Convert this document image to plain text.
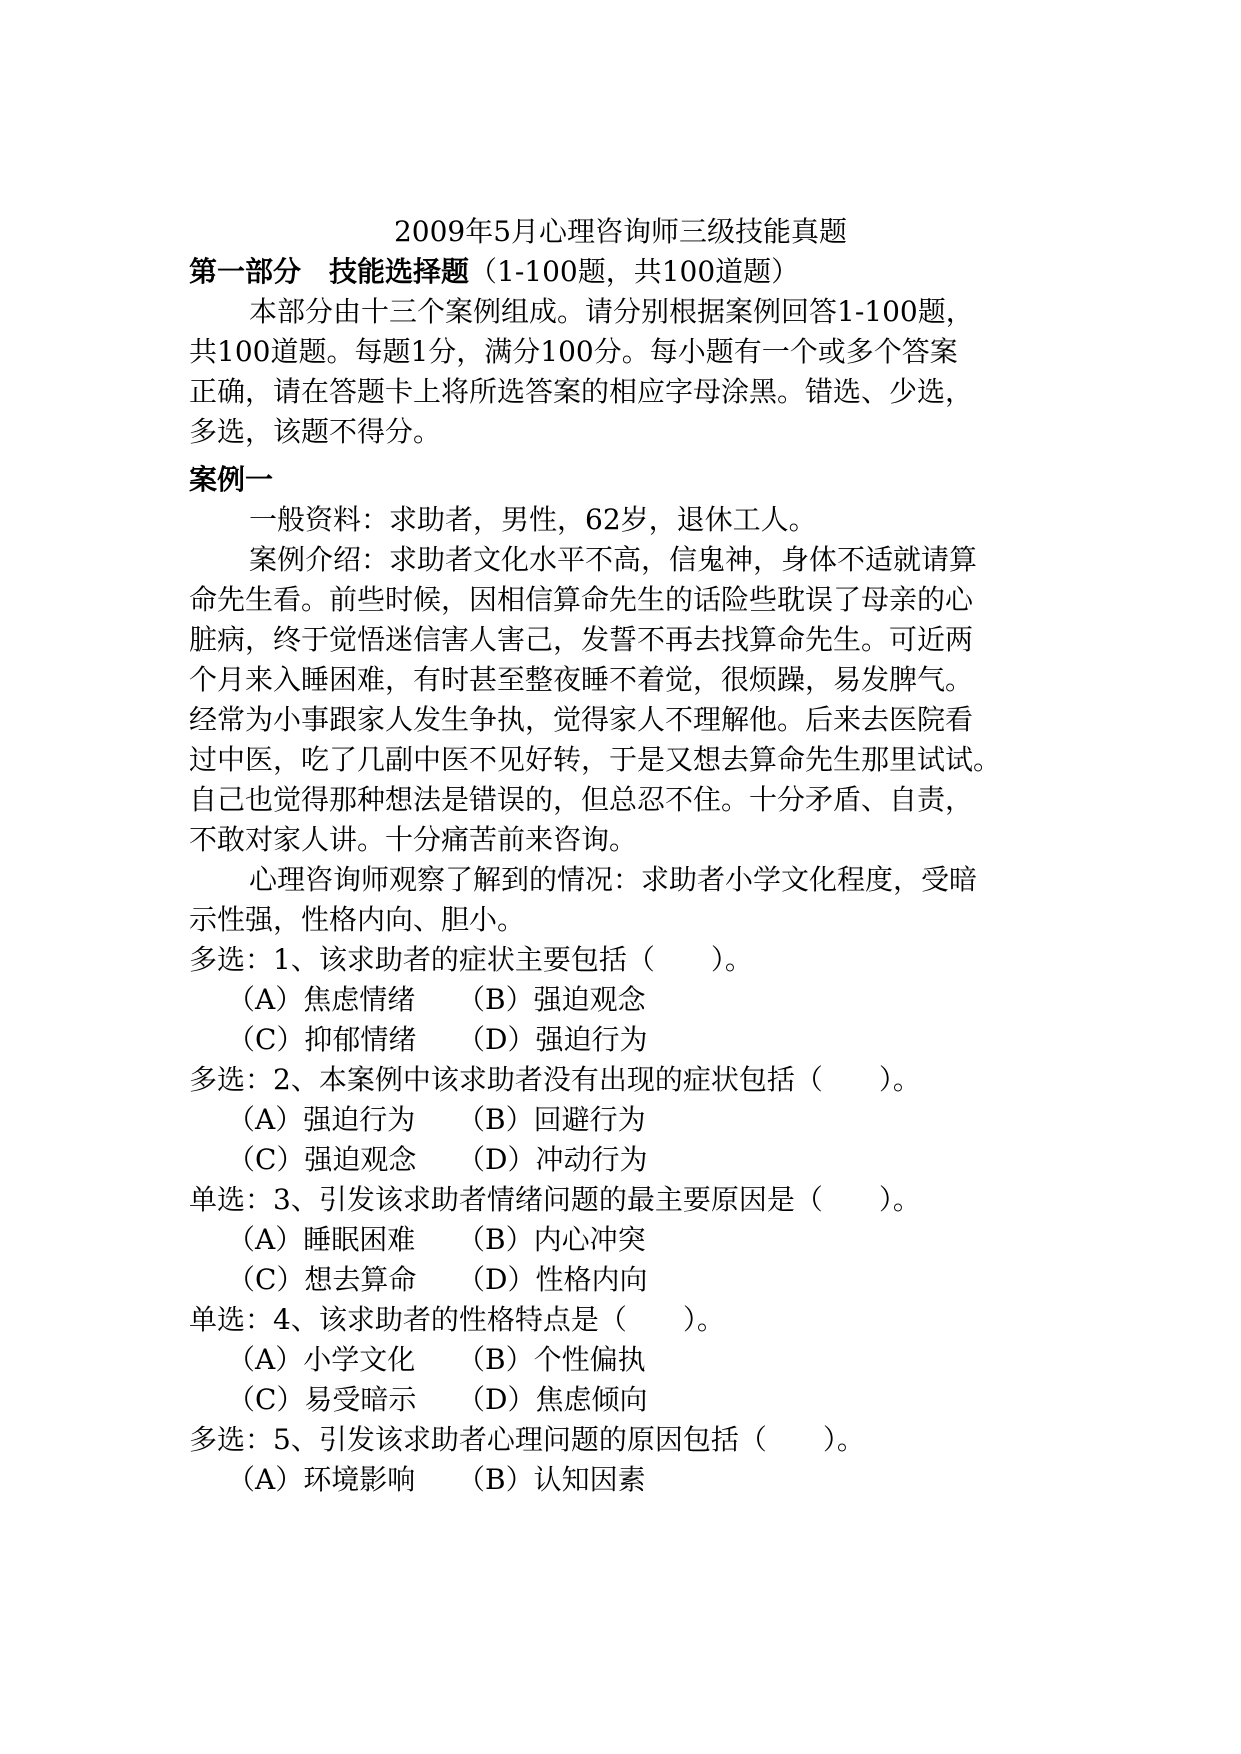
2009年5月心理咨询师三级技能真题
第一部分　技能选择题（1-100题，共100道题）
本部分由十三个案例组成。请分别根据案例回答1-100题，
共100道题。每题1分，满分100分。每小题有一个或多个答案
正确，请在答题卡上将所选答案的相应字母涂黑。错选、少选，
多选，该题不得分。
案例一
一般资料：求助者，男性，62岁，退休工人。
案例介绍：求助者文化水平不高，信鬼神，身体不适就请算
命先生看。前些时候，因相信算命先生的话险些耽误了母亲的心
脏病，终于觉悟迷信害人害己，发誓不再去找算命先生。可近两
个月来入睡困难，有时甚至整夜睡不着觉，很烦躁，易发脾气。
经常为小事跟家人发生争执，觉得家人不理解他。后来去医院看
过中医，吃了几副中医不见好转，于是又想去算命先生那里试试。
自己也觉得那种想法是错误的，但总忍不住。十分矛盾、自责，
不敢对家人讲。十分痛苦前来咨询。
心理咨询师观察了解到的情况：求助者小学文化程度，受暗
示性强，性格内向、胆小。
多选：1、该求助者的症状主要包括（　　）。
（A）焦虑情绪 （B）强迫观念
（C）抑郁情绪 （D）强迫行为
多选：2、本案例中该求助者没有出现的症状包括（　　）。
（A）强迫行为 （B）回避行为
（C）强迫观念 （D）冲动行为
单选：3、引发该求助者情绪问题的最主要原因是（　　）。
（A）睡眠困难 （B）内心冲突
（C）想去算命 （D）性格内向
单选：4、该求助者的性格特点是（　　）。
（A）小学文化 （B）个性偏执
（C）易受暗示 （D）焦虑倾向
多选：5、引发该求助者心理问题的原因包括（　　）。
（A）环境影响 （B）认知因素
